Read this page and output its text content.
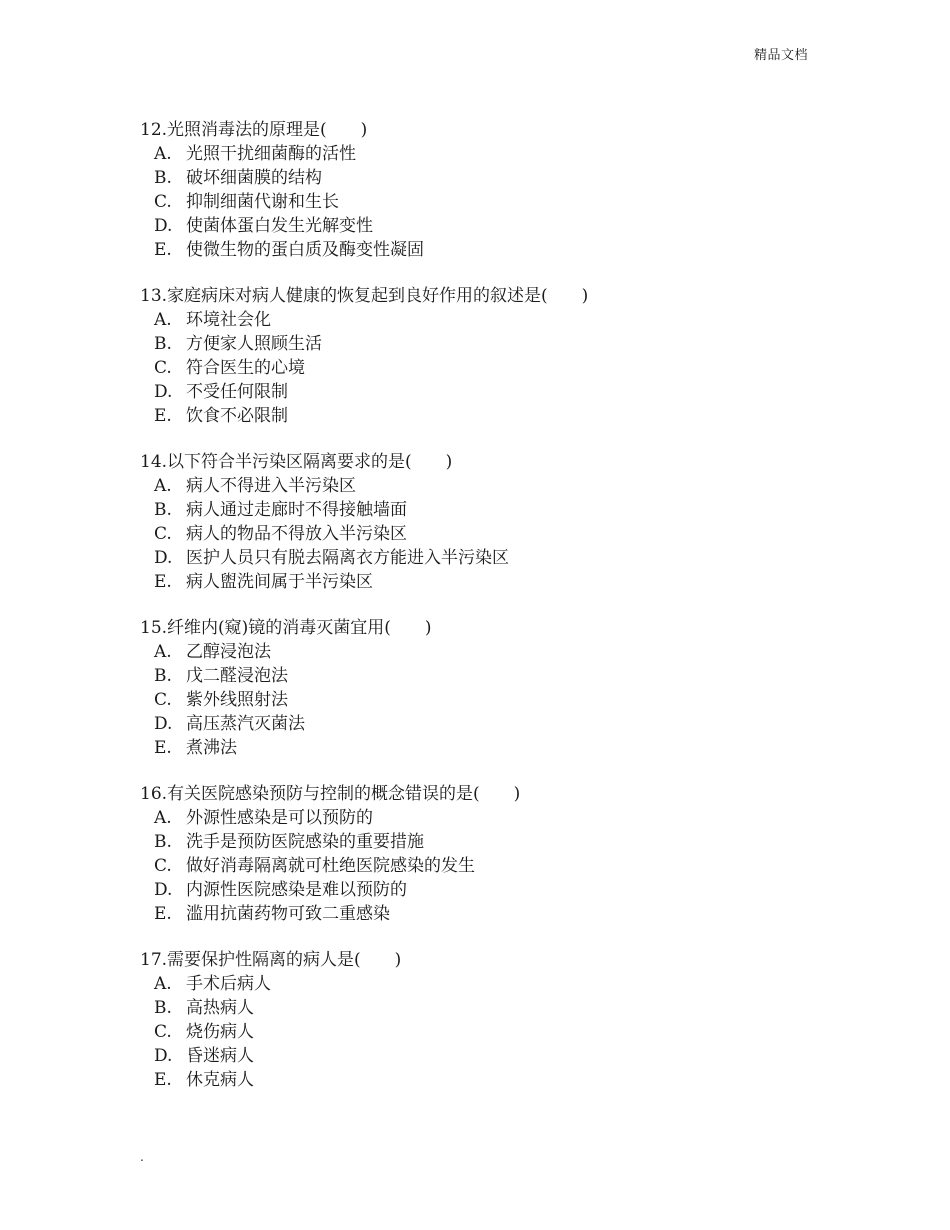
精品文档
12.光照消毒法的原理是(　　)
A. 光照干扰细菌酶的活性
B. 破坏细菌膜的结构
C. 抑制细菌代谢和生长
D. 使菌体蛋白发生光解变性
E. 使微生物的蛋白质及酶变性凝固
13.家庭病床对病人健康的恢复起到良好作用的叙述是(　　)
A. 环境社会化
B. 方便家人照顾生活
C. 符合医生的心境
D. 不受任何限制
E. 饮食不必限制
14.以下符合半污染区隔离要求的是(　　)
A. 病人不得进入半污染区
B. 病人通过走廊时不得接触墙面
C. 病人的物品不得放入半污染区
D. 医护人员只有脱去隔离衣方能进入半污染区
E. 病人盥洗间属于半污染区
15.纤维内(窥)镜的消毒灭菌宜用(　　)
A. 乙醇浸泡法
B. 戊二醛浸泡法
C. 紫外线照射法
D. 高压蒸汽灭菌法
E. 煮沸法
16.有关医院感染预防与控制的概念错误的是(　　)
A. 外源性感染是可以预防的
B. 洗手是预防医院感染的重要措施
C. 做好消毒隔离就可杜绝医院感染的发生
D. 内源性医院感染是难以预防的
E. 滥用抗菌药物可致二重感染
17.需要保护性隔离的病人是(　　)
A. 手术后病人
B. 高热病人
C. 烧伤病人
D. 昏迷病人
E. 休克病人
.
